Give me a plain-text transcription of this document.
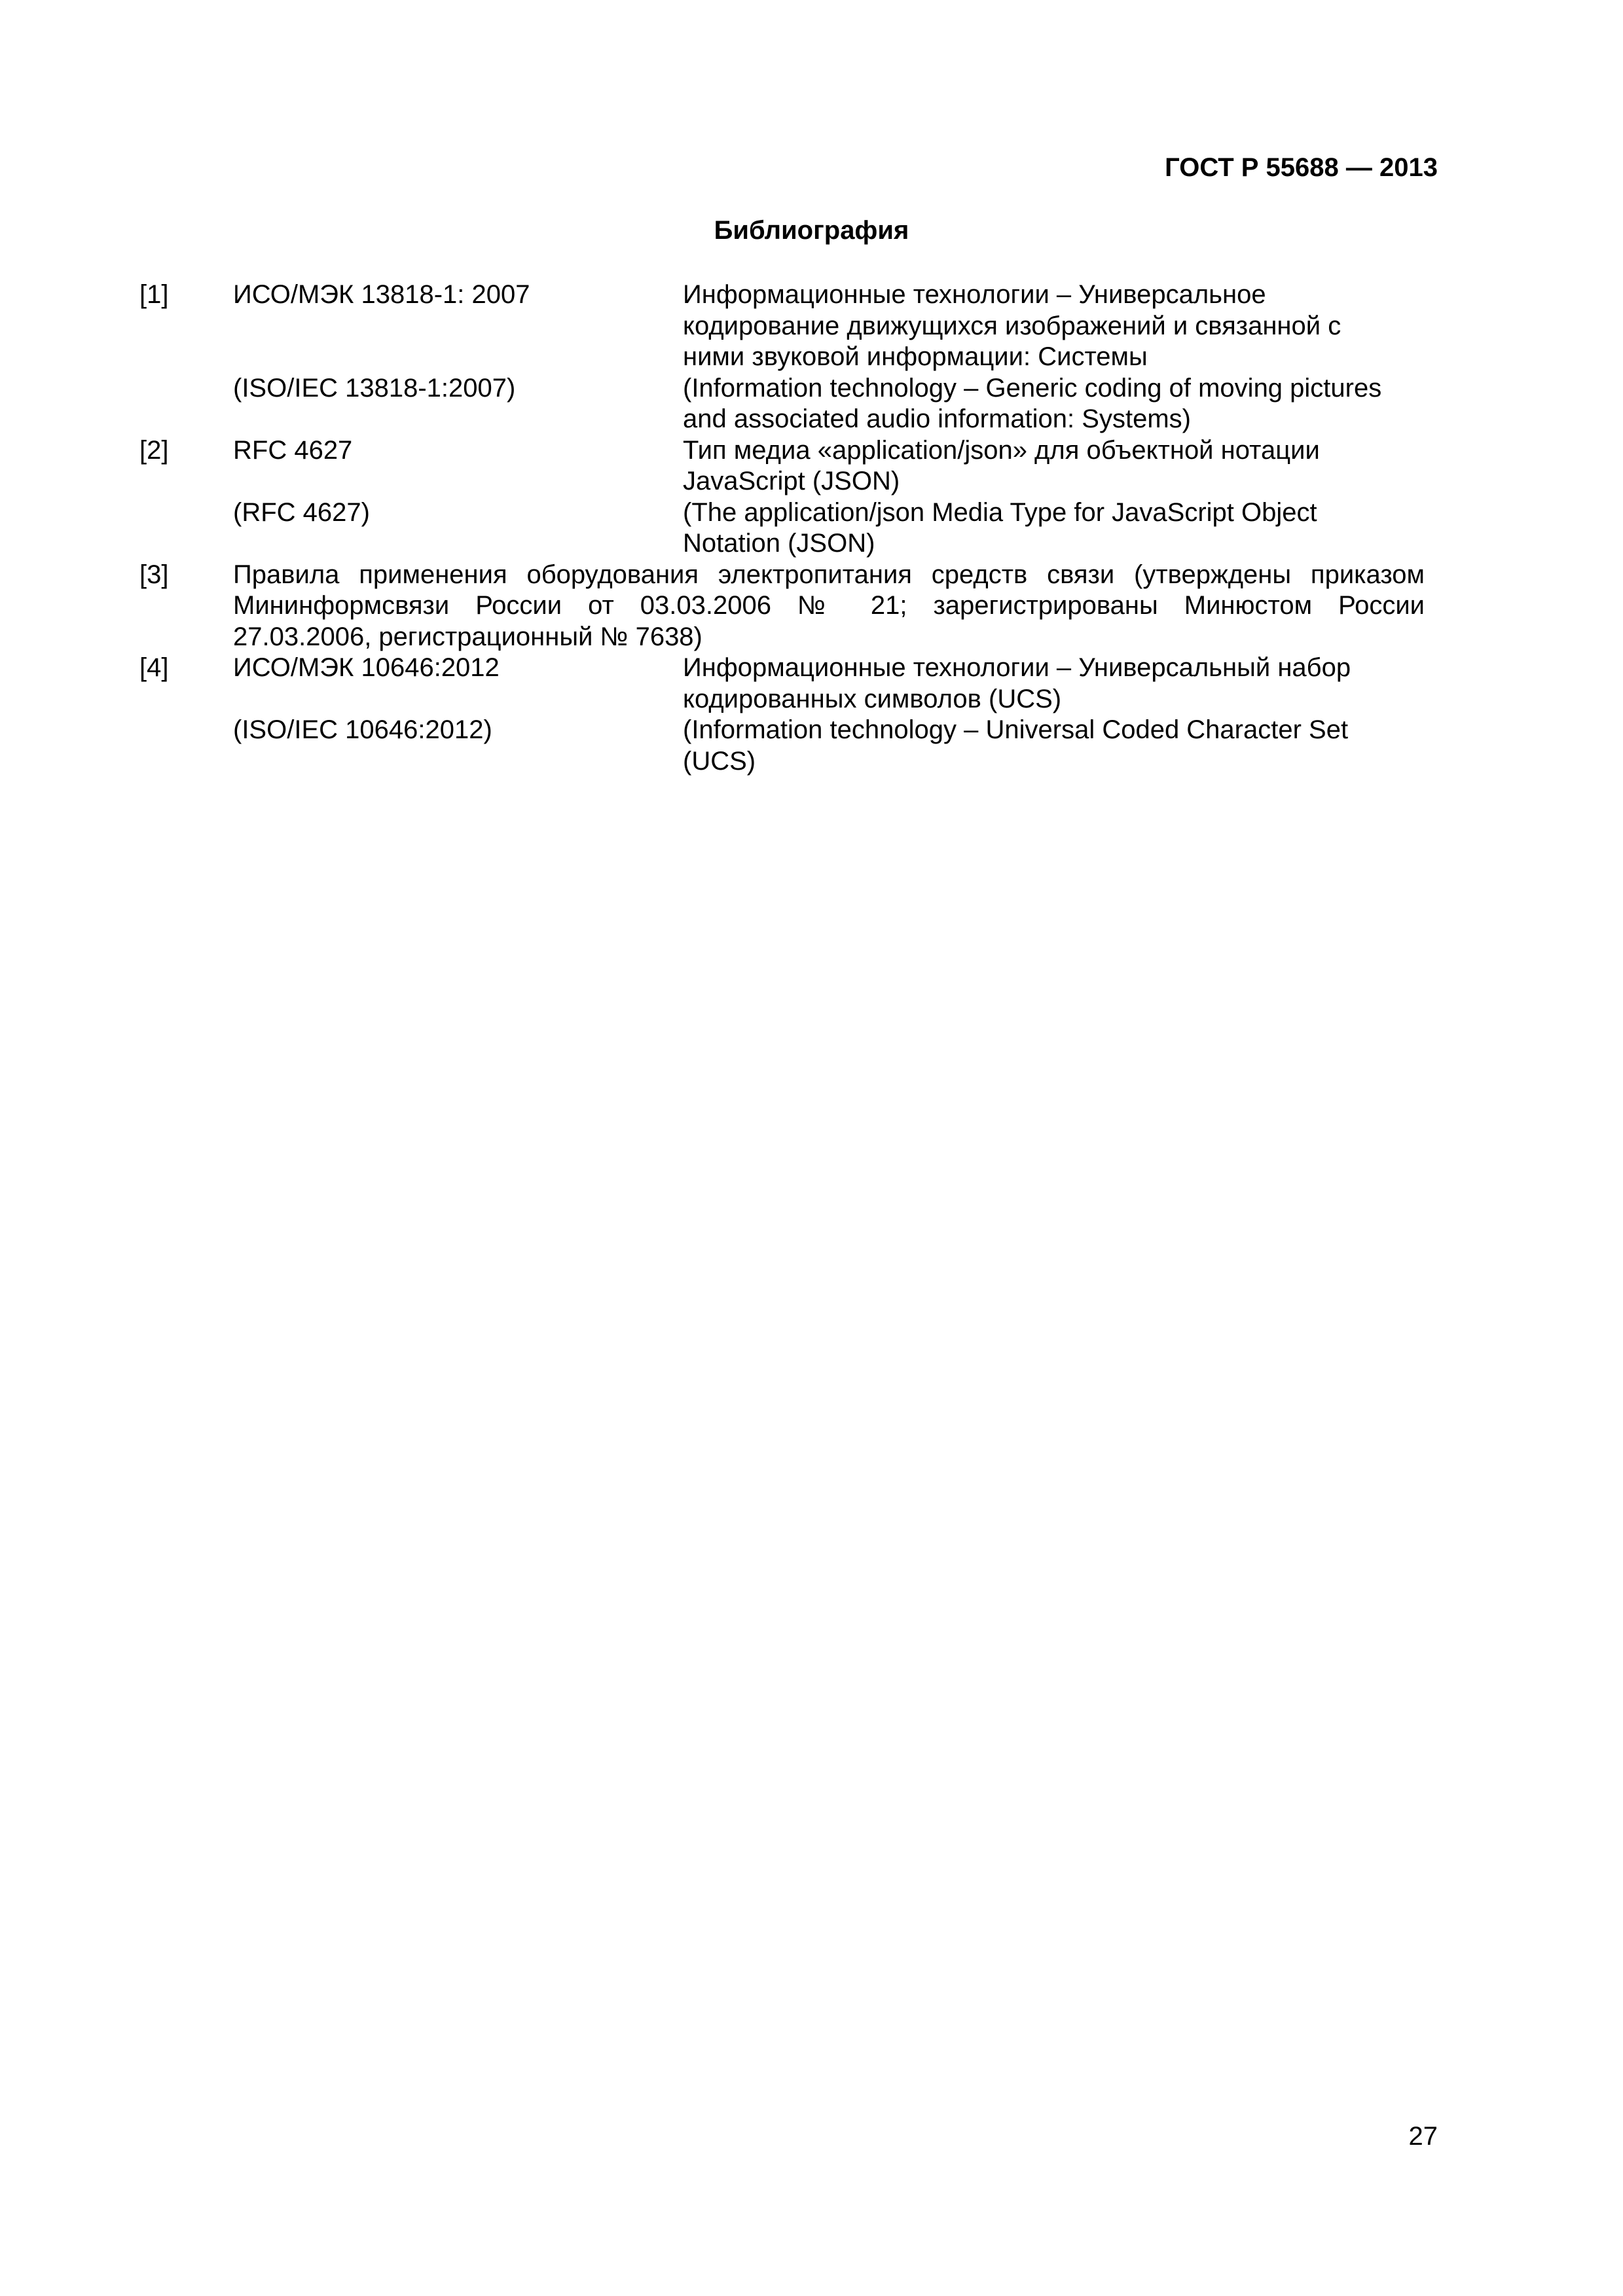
ГОСТ Р 55688 — 2013
Библиография
[1] ИСО/МЭК 13818-1: 2007	Информационные технологии – Универсальное
кодирование движущихся изображений и связанной с
ними звуковой информации: Системы
(ISO/IEC 13818-1:2007)	(Information technology – Generic coding of moving pictures
and associated audio information: Systems)
[2] RFC 4627	Тип медиа «application/json» для объектной нотации
JavaScript (JSON)
(RFC 4627)	(The application/json Media Type for JavaScript Object
Notation (JSON)
[3] Правила применения оборудования электропитания средств связи (утверждены приказом
Мининформсвязи России от 03.03.2006 № 21; зарегистрированы Минюстом России
27.03.2006, регистрационный № 7638)
[4] ИСО/МЭК 10646:2012	Информационные технологии – Универсальный набор
кодированных символов (UCS)
(ISO/IEC 10646:2012)	(Information technology – Universal Coded Character Set
(UCS)
27
